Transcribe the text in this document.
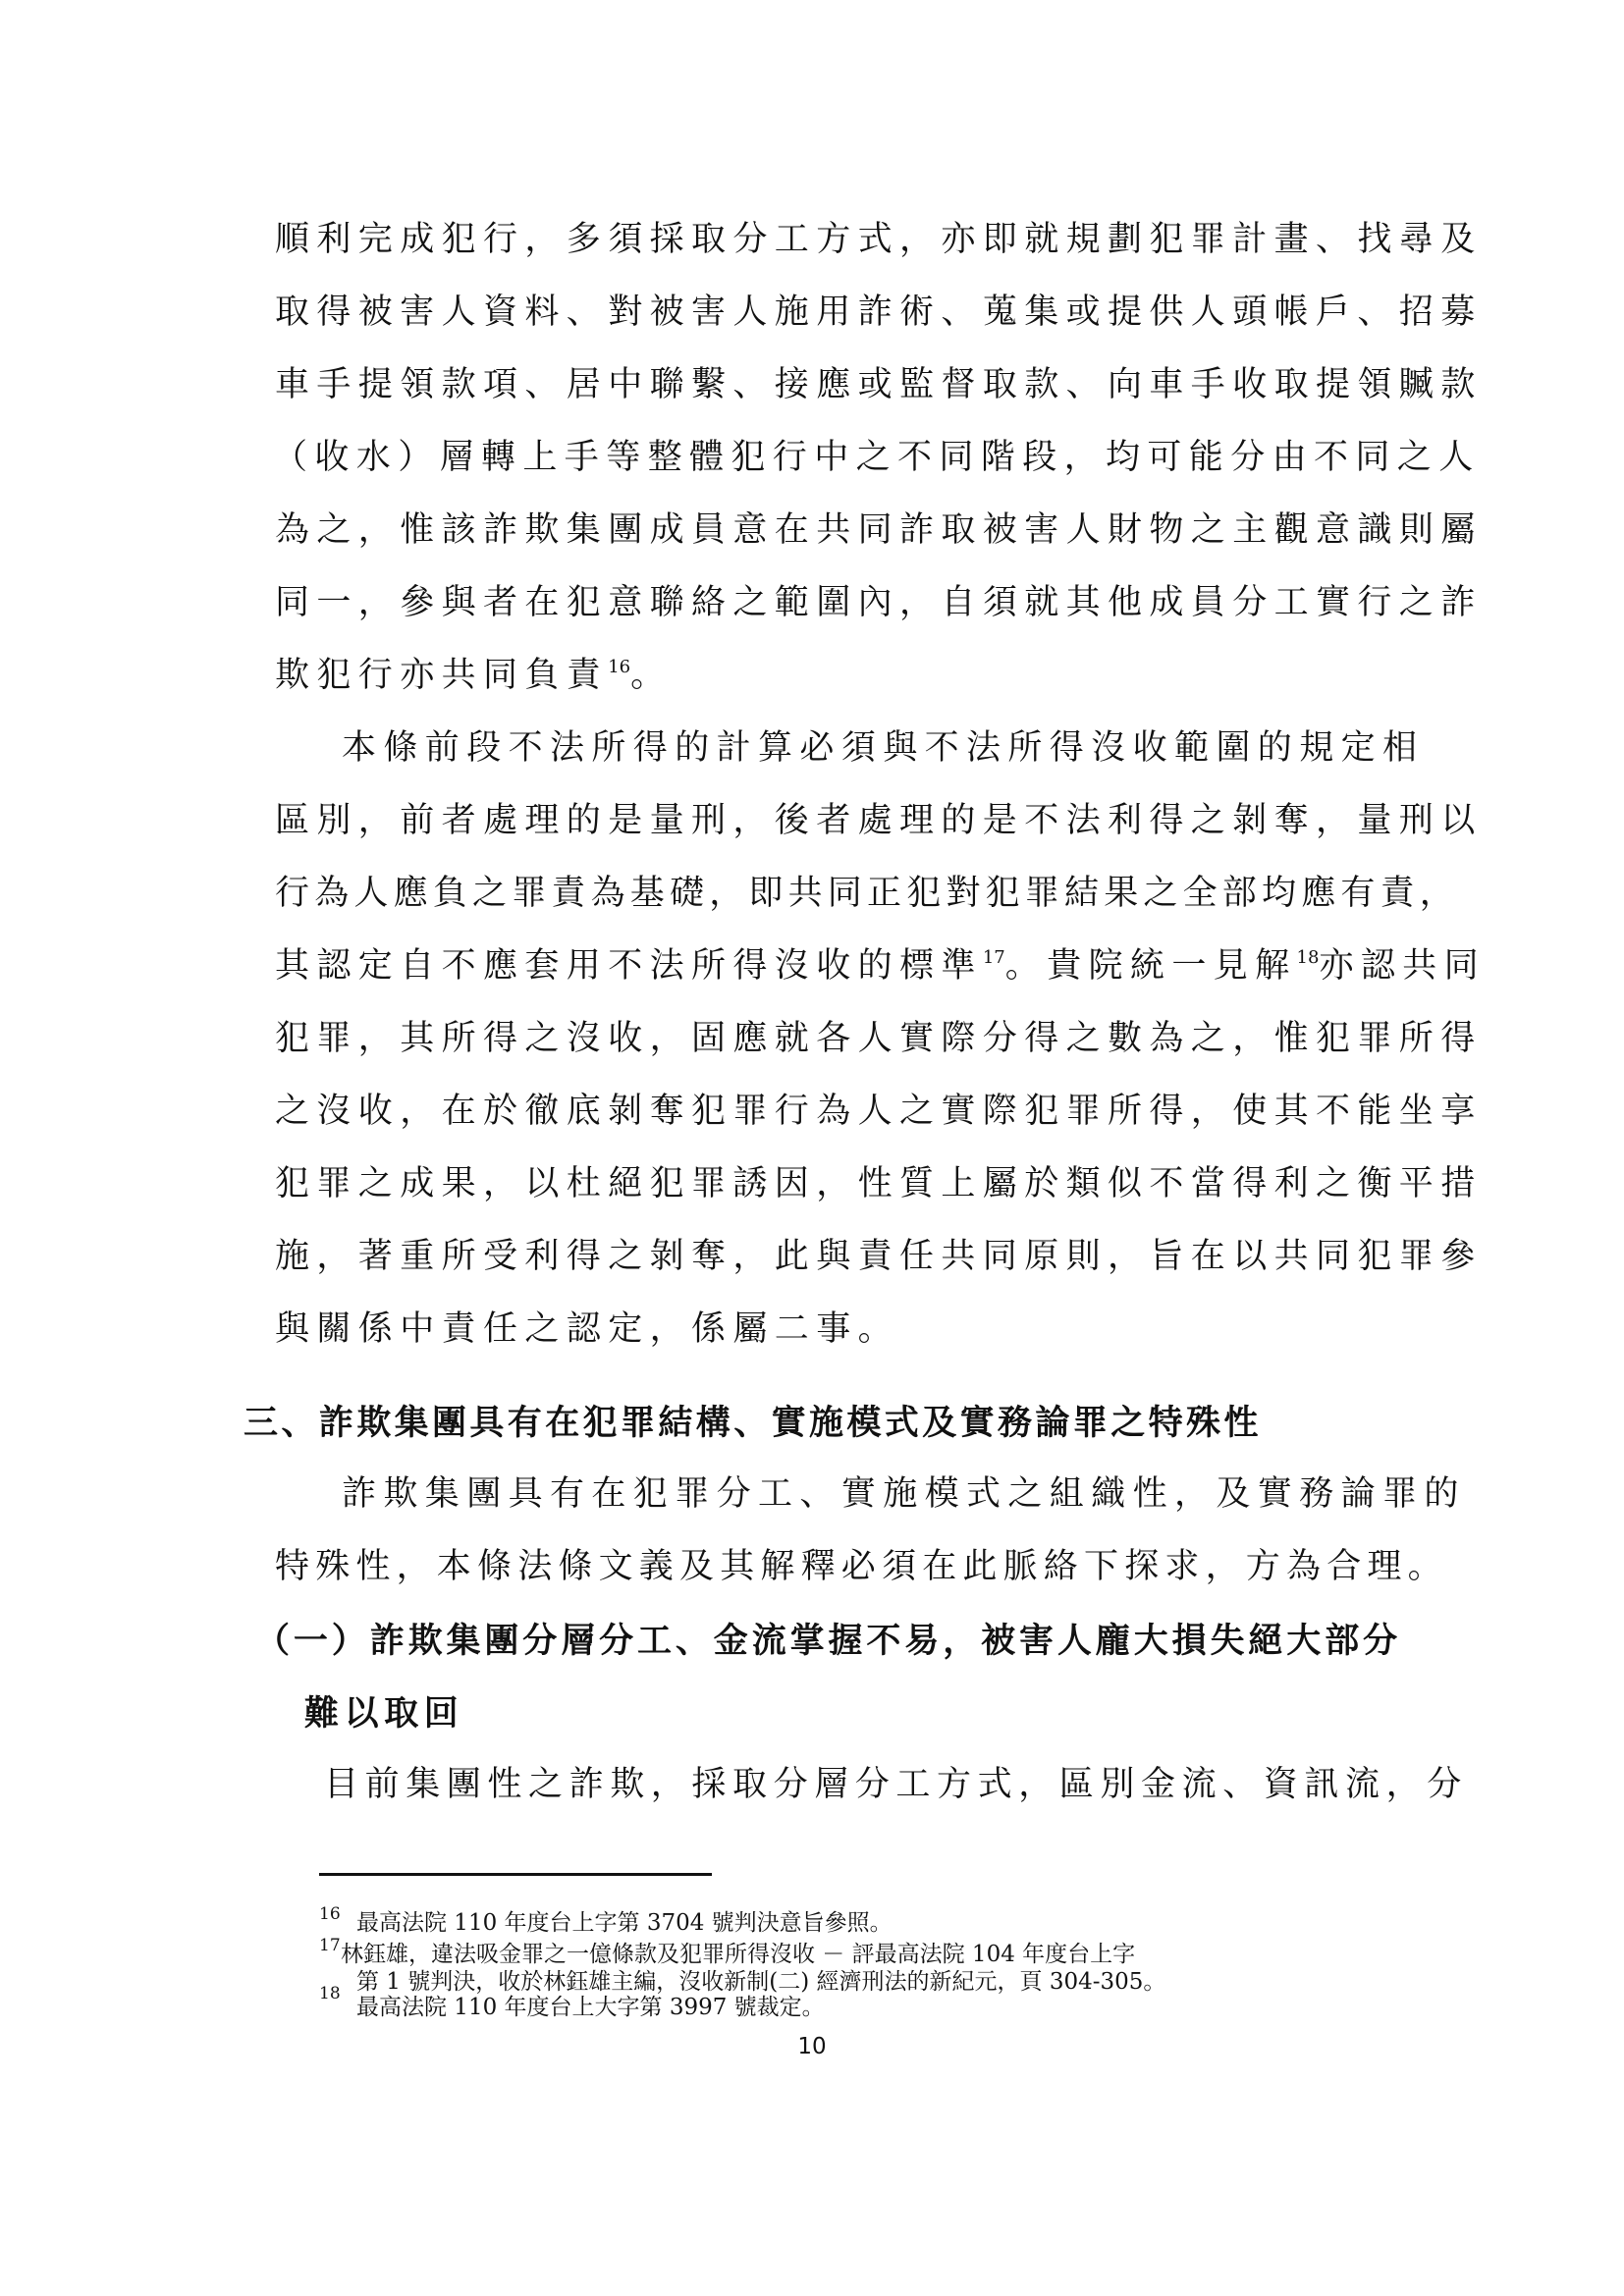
順利完成犯行，多須採取分工方式，亦即就規劃犯罪計畫、找尋及
取得被害人資料、對被害人施用詐術、蒐集或提供人頭帳戶、招募
車手提領款項、居中聯繫、接應或監督取款、向車手收取提領贓款
（收水）層轉上手等整體犯行中之不同階段，均可能分由不同之人
為之，惟該詐欺集團成員意在共同詐取被害人財物之主觀意識則屬
同一，參與者在犯意聯絡之範圍內，自須就其他成員分工實行之詐
欺犯行亦共同負責$^{16}$。
本條前段不法所得的計算必須與不法所得沒收範圍的規定相
區別，前者處理的是量刑，後者處理的是不法利得之剝奪，量刑以
行為人應負之罪責為基礎，即共同正犯對犯罪結果之全部均應有責，
其認定自不應套用不法所得沒收的標準$^{17}$。貴院統一見解$^{18}$亦認共同
犯罪，其所得之沒收，固應就各人實際分得之數為之，惟犯罪所得
之沒收，在於徹底剝奪犯罪行為人之實際犯罪所得，使其不能坐享
犯罪之成果，以杜絕犯罪誘因，性質上屬於類似不當得利之衡平措
施，著重所受利得之剝奪，此與責任共同原則，旨在以共同犯罪參
與關係中責任之認定，係屬二事。
三、詐欺集團具有在犯罪結構、實施模式及實務論罪之特殊性
詐欺集團具有在犯罪分工、實施模式之組織性，及實務論罪的
特殊性，本條法條文義及其解釋必須在此脈絡下探求，方為合理。
（一）詐欺集團分層分工、金流掌握不易，被害人龐大損失絕大部分
難以取回
目前集團性之詐欺，採取分層分工方式，區別金流、資訊流，分
16 最高法院 110 年度台上字第 3704 號判決意旨參照。
17 林鈺雄，違法吸金罪之一億條款及犯罪所得沒收 － 評最高法院 104 年度台上字
第 1 號判決，收於林鈺雄主編，沒收新制(二) 經濟刑法的新紀元，頁 304-305。
18
最高法院 110 年度台上大字第 3997 號裁定。
10
